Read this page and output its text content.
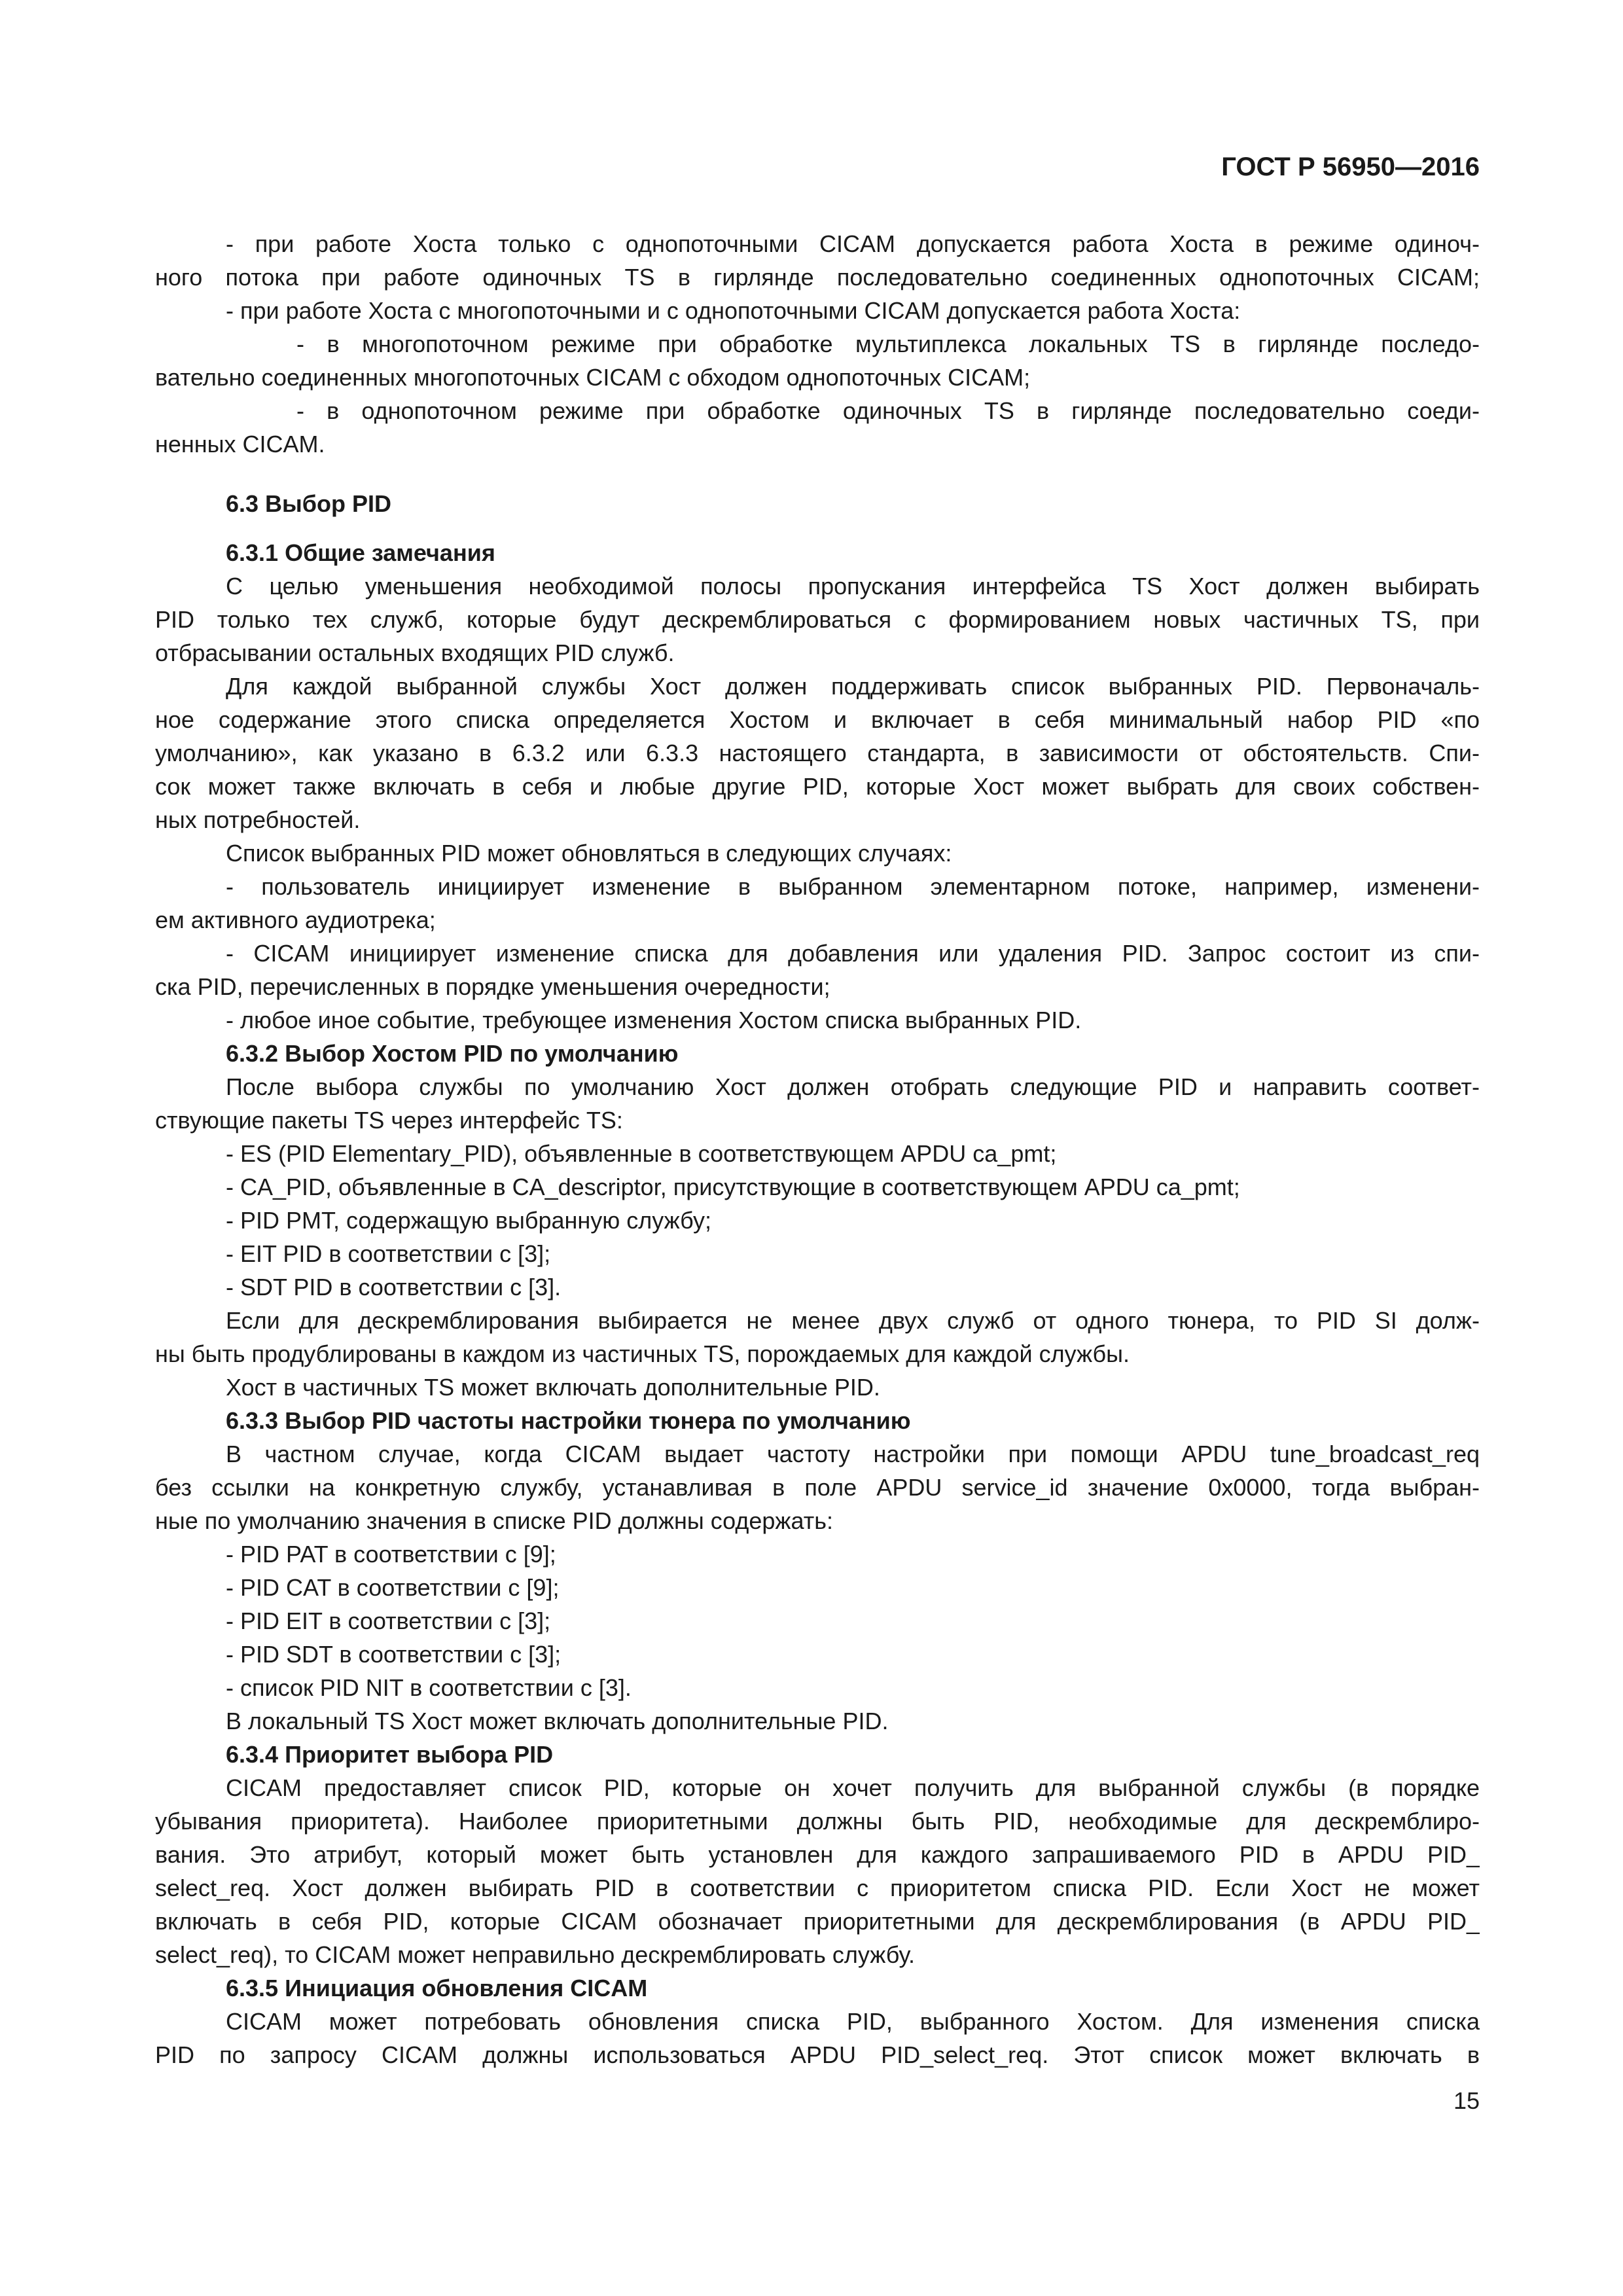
ГОСТ Р 56950—2016
- при работе Хоста только с однопоточными CICAM допускается работа Хоста в режиме одиноч-
ного потока при работе одиночных TS в гирлянде последовательно соединенных однопоточных CICAM;
- при работе Хоста с многопоточными и с однопоточными CICAM допускается работа Хоста:
- в многопоточном режиме при обработке мультиплекса локальных TS в гирлянде последо-
вательно соединенных многопоточных CICAM с обходом однопоточных CICAM;
- в однопоточном режиме при обработке одиночных TS в гирлянде последовательно соеди-
ненных CICAM.
6.3 Выбор PID
6.3.1 Общие замечания
С целью уменьшения необходимой полосы пропускания интерфейса TS Хост должен выбирать
PID только тех служб, которые будут дескремблироваться с формированием новых частичных TS, при
отбрасывании остальных входящих PID служб.
Для каждой выбранной службы Хост должен поддерживать список выбранных PID. Первоначаль-
ное содержание этого списка определяется Хостом и включает в себя минимальный набор PID «по
умолчанию», как указано в 6.3.2 или 6.3.3 настоящего стандарта, в зависимости от обстоятельств. Спи-
сок может также включать в себя и любые другие PID, которые Хост может выбрать для своих собствен-
ных потребностей.
Список выбранных PID может обновляться в следующих случаях:
- пользователь инициирует изменение в выбранном элементарном потоке, например, изменени-
ем активного аудиотрека;
- CICAM инициирует изменение списка для добавления или удаления PID. Запрос состоит из спи-
ска PID, перечисленных в порядке уменьшения очередности;
- любое иное событие, требующее изменения Хостом списка выбранных PID.
6.3.2 Выбор Хостом PID по умолчанию
После выбора службы по умолчанию Хост должен отобрать следующие PID и направить соответ-
ствующие пакеты TS через интерфейс TS:
- ES (PID Elementary_PID), объявленные в соответствующем APDU ca_pmt;
- CA_PID, объявленные в CA_descriptor, присутствующие в соответствующем APDU ca_pmt;
- PID PMT, содержащую выбранную службу;
- EIT PID в соответствии с [3];
- SDT PID в соответствии с [3].
Если для дескремблирования выбирается не менее двух служб от одного тюнера, то PID SI долж-
ны быть продублированы в каждом из частичных TS, порождаемых для каждой службы.
Хост в частичных TS может включать дополнительные PID.
6.3.3 Выбор PID частоты настройки тюнера по умолчанию
В частном случае, когда CICAM выдает частоту настройки при помощи APDU tune_broadcast_req
без ссылки на конкретную службу, устанавливая в поле APDU service_id значение 0x0000, тогда выбран-
ные по умолчанию значения в списке PID должны содержать:
- PID PAT в соответствии с [9];
- PID CAT в соответствии с [9];
- PID EIT в соответствии с [3];
- PID SDT в соответствии с [3];
- список PID NIT в соответствии с [3].
В локальный TS Хост может включать дополнительные PID.
6.3.4 Приоритет выбора PID
CICAM предоставляет список PID, которые он хочет получить для выбранной службы (в порядке
убывания приоритета). Наиболее приоритетными должны быть PID, необходимые для дескремблиро-
вания. Это атрибут, который может быть установлен для каждого запрашиваемого PID в APDU PID_
select_req. Хост должен выбирать PID в соответствии с приоритетом списка PID. Если Хост не может
включать в себя PID, которые CICAM обозначает приоритетными для дескремблирования (в APDU PID_
select_req), то CICAM может неправильно дескремблировать службу.
6.3.5 Инициация обновления CICAM
CICAM может потребовать обновления списка PID, выбранного Хостом. Для изменения списка
PID по запросу CICAM должны использоваться APDU PID_select_req. Этот список может включать в
15
